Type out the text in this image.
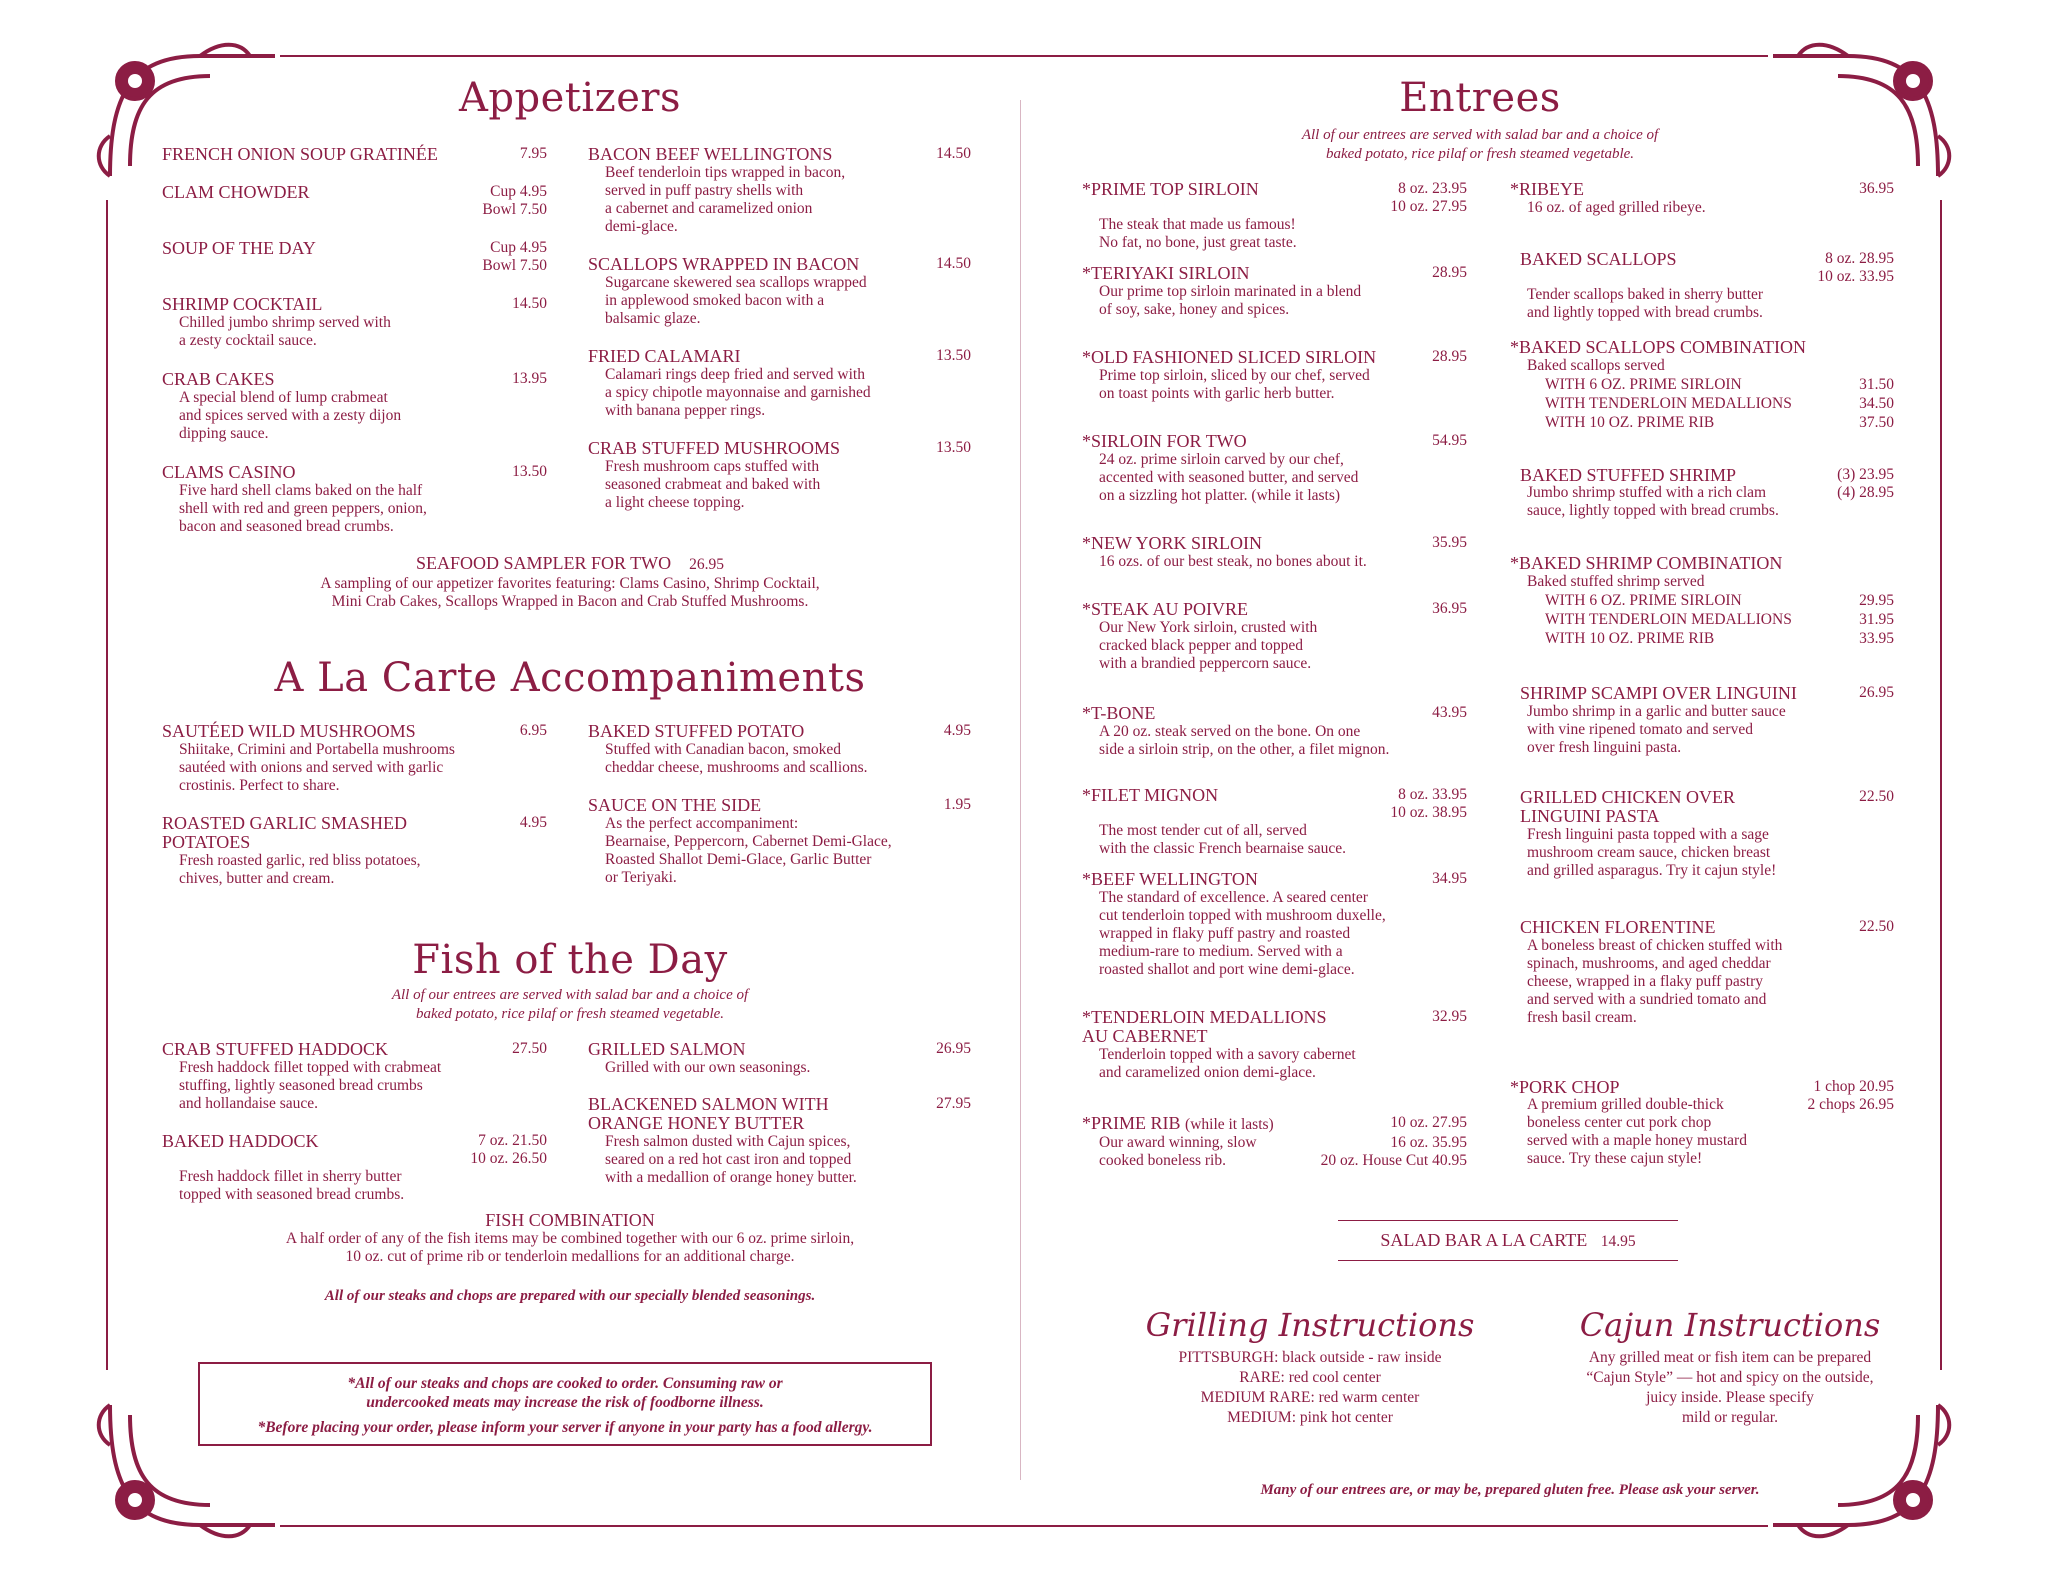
Appetizers
FRENCH ONION SOUP GRATINÉE	7.95
CLAM CHOWDER	Cup 4.95
Bowl 7.50
SOUP OF THE DAY	Cup 4.95
Bowl 7.50
SHRIMP COCKTAIL	14.50
Chilled jumbo shrimp served with
a zesty cocktail sauce.
CRAB CAKES	13.95
A special blend of lump crabmeat
and spices served with a zesty dijon
dipping sauce.
CLAMS CASINO	13.50
Five hard shell clams baked on the half
shell with red and green peppers, onion,
bacon and seasoned bread crumbs.
BACON BEEF WELLINGTONS	14.50
Beef tenderloin tips wrapped in bacon,
served in puff pastry shells with
a cabernet and caramelized onion
demi-glace.
SCALLOPS WRAPPED IN BACON	14.50
Sugarcane skewered sea scallops wrapped
in applewood smoked bacon with a
balsamic glaze.
FRIED CALAMARI	13.50
Calamari rings deep fried and served with
a spicy chipotle mayonnaise and garnished
with banana pepper rings.
CRAB STUFFED MUSHROOMS	13.50
Fresh mushroom caps stuffed with
seasoned crabmeat and baked with
a light cheese topping.
SEAFOOD SAMPLER FOR TWO 26.95
A sampling of our appetizer favorites featuring: Clams Casino, Shrimp Cocktail,
Mini Crab Cakes, Scallops Wrapped in Bacon and Crab Stuffed Mushrooms.
A La Carte Accompaniments
SAUTÉED WILD MUSHROOMS	6.95
Shiitake, Crimini and Portabella mushrooms
sautéed with onions and served with garlic
crostinis. Perfect to share.
ROASTED GARLIC SMASHED
POTATOES
4.95
Fresh roasted garlic, red bliss potatoes,
chives, butter and cream.
BAKED STUFFED POTATO	4.95
Stuffed with Canadian bacon, smoked
cheddar cheese, mushrooms and scallions.
SAUCE ON THE SIDE	1.95
As the perfect accompaniment:
Bearnaise, Peppercorn, Cabernet Demi-Glace,
Roasted Shallot Demi-Glace, Garlic Butter
or Teriyaki.
Fish of the Day
All of our entrees are served with salad bar and a choice of
baked potato, rice pilaf or fresh steamed vegetable.
CRAB STUFFED HADDOCK	27.50
Fresh haddock fillet topped with crabmeat
stuffing, lightly seasoned bread crumbs
and hollandaise sauce.
BAKED HADDOCK	7 oz. 21.50
10 oz. 26.50
Fresh haddock fillet in sherry butter
topped with seasoned bread crumbs.
GRILLED SALMON	26.95
Grilled with our own seasonings.
BLACKENED SALMON WITH
ORANGE HONEY BUTTER
27.95
Fresh salmon dusted with Cajun spices,
seared on a red hot cast iron and topped
with a medallion of orange honey butter.
FISH COMBINATION
A half order of any of the fish items may be combined together with our 6 oz. prime sirloin,
10 oz. cut of prime rib or tenderloin medallions for an additional charge.
All of our steaks and chops are prepared with our specially blended seasonings.
*All of our steaks and chops are cooked to order. Consuming raw or
undercooked meats may increase the risk of foodborne illness.
*Before placing your order, please inform your server if anyone in your party has a food allergy.
Entrees
All of our entrees are served with salad bar and a choice of
baked potato, rice pilaf or fresh steamed vegetable.
*PRIME TOP SIRLOIN	8 oz. 23.95
10 oz. 27.95
The steak that made us famous!
No fat, no bone, just great taste.
*TERIYAKI SIRLOIN	28.95
Our prime top sirloin marinated in a blend
of soy, sake, honey and spices.
*OLD FASHIONED SLICED SIRLOIN	28.95
Prime top sirloin, sliced by our chef, served
on toast points with garlic herb butter.
*SIRLOIN FOR TWO	54.95
24 oz. prime sirloin carved by our chef,
accented with seasoned butter, and served
on a sizzling hot platter. (while it lasts)
*NEW YORK SIRLOIN	35.95
16 ozs. of our best steak, no bones about it.
*STEAK AU POIVRE	36.95
Our New York sirloin, crusted with
cracked black pepper and topped
with a brandied peppercorn sauce.
*T-BONE	43.95
A 20 oz. steak served on the bone. On one
side a sirloin strip, on the other, a filet mignon.
*FILET MIGNON	8 oz. 33.95
10 oz. 38.95
The most tender cut of all, served
with the classic French bearnaise sauce.
*BEEF WELLINGTON	34.95
The standard of excellence. A seared center
cut tenderloin topped with mushroom duxelle,
wrapped in flaky puff pastry and roasted
medium-rare to medium. Served with a
roasted shallot and port wine demi-glace.
*TENDERLOIN MEDALLIONS
AU CABERNET
32.95
Tenderloin topped with a savory cabernet
and caramelized onion demi-glace.
*PRIME RIB (while it lasts)	10 oz. 27.95
Our award winning, slow
cooked boneless rib.
16 oz. 35.95
20 oz. House Cut 40.95
*RIBEYE	36.95
16 oz. of aged grilled ribeye.
BAKED SCALLOPS	8 oz. 28.95
10 oz. 33.95
Tender scallops baked in sherry butter
and lightly topped with bread crumbs.
*BAKED SCALLOPS COMBINATION
Baked scallops served
WITH 6 OZ. PRIME SIRLOIN	31.50
WITH TENDERLOIN MEDALLIONS	34.50
WITH 10 OZ. PRIME RIB	37.50
BAKED STUFFED SHRIMP	(3) 23.95
(4) 28.95
Jumbo shrimp stuffed with a rich clam
sauce, lightly topped with bread crumbs.
*BAKED SHRIMP COMBINATION
Baked stuffed shrimp served
WITH 6 OZ. PRIME SIRLOIN	29.95
WITH TENDERLOIN MEDALLIONS	31.95
WITH 10 OZ. PRIME RIB	33.95
SHRIMP SCAMPI OVER LINGUINI	26.95
Jumbo shrimp in a garlic and butter sauce
with vine ripened tomato and served
over fresh linguini pasta.
GRILLED CHICKEN OVER
LINGUINI PASTA
22.50
Fresh linguini pasta topped with a sage
mushroom cream sauce, chicken breast
and grilled asparagus. Try it cajun style!
CHICKEN FLORENTINE	22.50
A boneless breast of chicken stuffed with
spinach, mushrooms, and aged cheddar
cheese, wrapped in a flaky puff pastry
and served with a sundried tomato and
fresh basil cream.
*PORK CHOP	1 chop 20.95
2 chops 26.95
A premium grilled double-thick
boneless center cut pork chop
served with a maple honey mustard
sauce. Try these cajun style!
SALAD BAR A LA CARTE 14.95
Grilling Instructions
PITTSBURGH: black outside - raw inside
RARE: red cool center
MEDIUM RARE: red warm center
MEDIUM: pink hot center
Cajun Instructions
Any grilled meat or fish item can be prepared
“Cajun Style” — hot and spicy on the outside,
juicy inside. Please specify
mild or regular.
Many of our entrees are, or may be, prepared gluten free. Please ask your server.
